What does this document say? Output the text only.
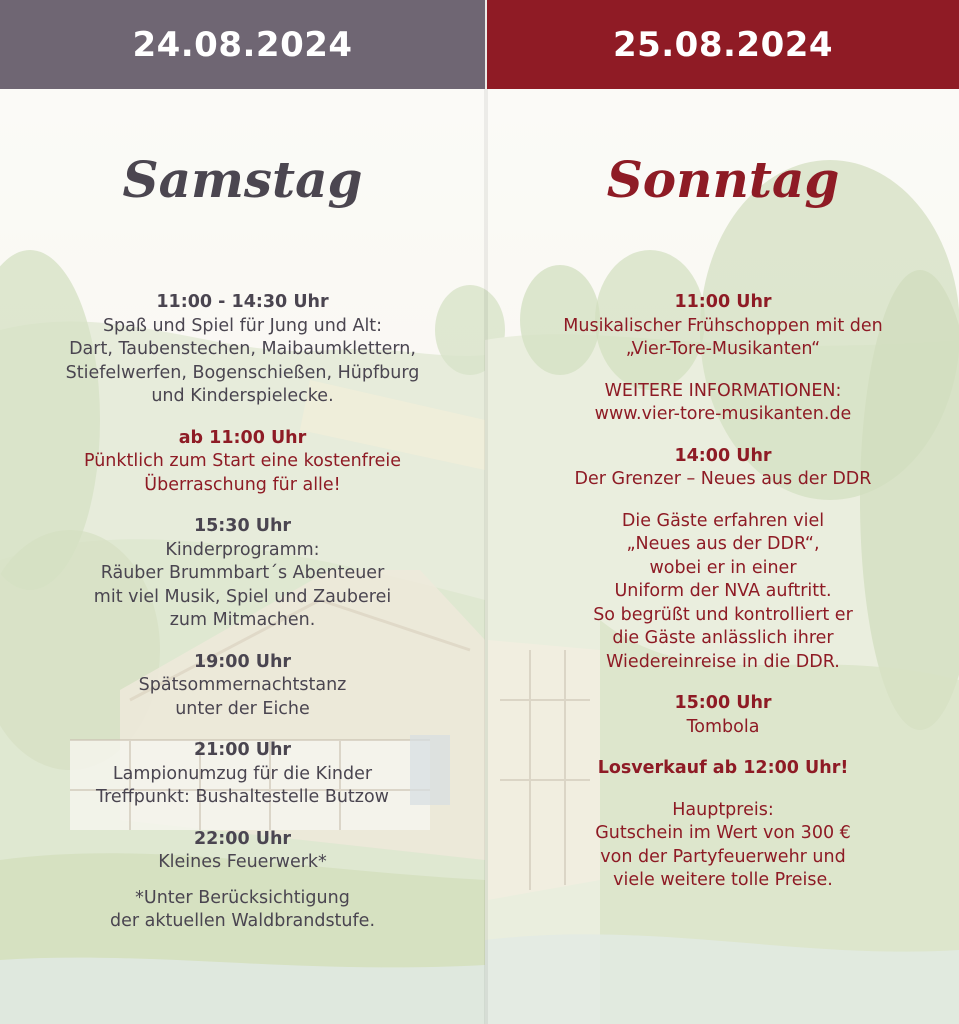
24.08.2024
Samstag
11:00 - 14:30 Uhr
Spaß und Spiel für Jung und Alt:
Dart, Taubenstechen, Maibaumklettern,
Stiefelwerfen, Bogenschießen, Hüpfburg
und Kinderspielecke.
ab 11:00 Uhr
Pünktlich zum Start eine kostenfreie
Überraschung für alle!
15:30 Uhr
Kinderprogramm:
Räuber Brummbart´s Abenteuer
mit viel Musik, Spiel und Zauberei
zum Mitmachen.
19:00 Uhr
Spätsommernachtstanz
unter der Eiche
21:00 Uhr
Lampionumzug für die Kinder
Treffpunkt: Bushaltestelle Butzow
22:00 Uhr
Kleines Feuerwerk*
*Unter Berücksichtigung
der aktuellen Waldbrandstufe.
25.08.2024
Sonntag
11:00 Uhr
Musikalischer Frühschoppen mit den
„Vier-Tore-Musikanten“
WEITERE INFORMATIONEN:
www.vier-tore-musikanten.de
14:00 Uhr
Der Grenzer – Neues aus der DDR
Die Gäste erfahren viel
„Neues aus der DDR“,
wobei er in einer
Uniform der NVA auftritt.
So begrüßt und kontrolliert er
die Gäste anlässlich ihrer
Wiedereinreise in die DDR.
15:00 Uhr
Tombola
Losverkauf ab 12:00 Uhr!
Hauptpreis:
Gutschein im Wert von 300 €
von der Partyfeuerwehr und
viele weitere tolle Preise.
